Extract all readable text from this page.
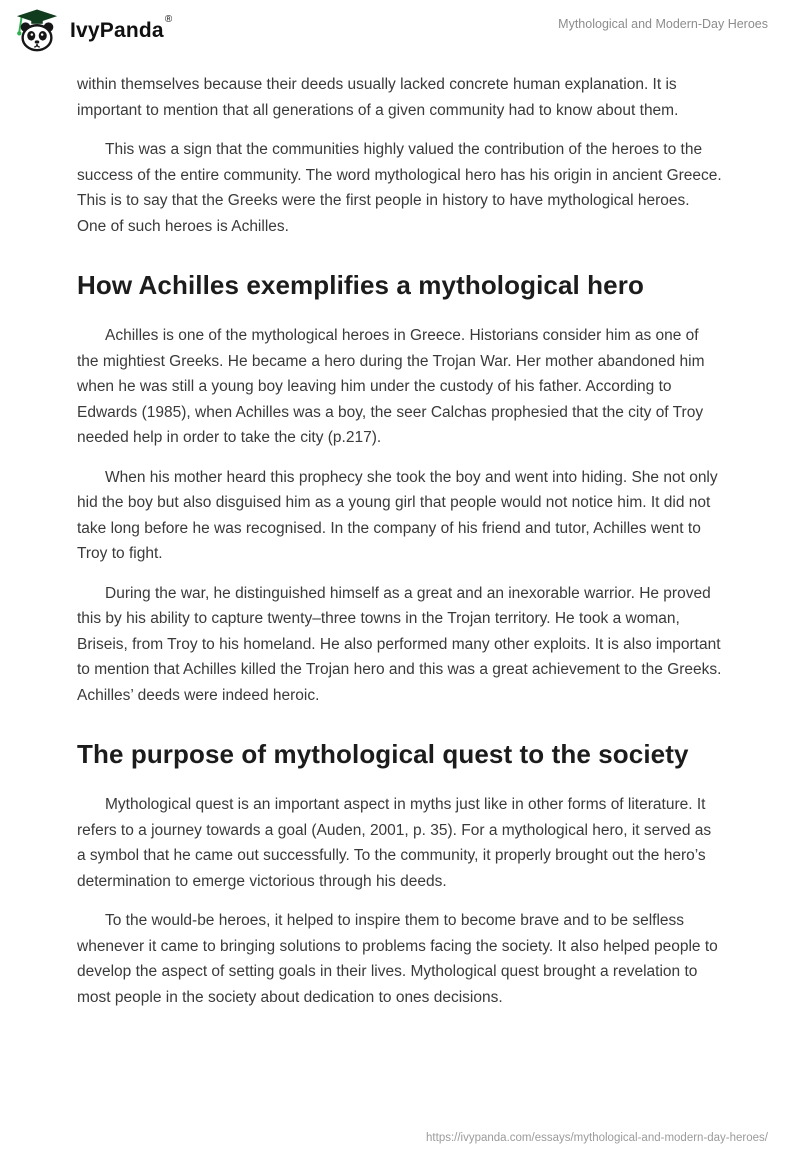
IvyPanda®	Mythological and Modern-Day Heroes

within themselves because their deeds usually lacked concrete human explanation. It is important to mention that all generations of a given community had to know about them.

This was a sign that the communities highly valued the contribution of the heroes to the success of the entire community. The word mythological hero has his origin in ancient Greece. This is to say that the Greeks were the first people in history to have mythological heroes. One of such heroes is Achilles.

How Achilles exemplifies a mythological hero

Achilles is one of the mythological heroes in Greece. Historians consider him as one of the mightiest Greeks. He became a hero during the Trojan War. Her mother abandoned him when he was still a young boy leaving him under the custody of his father. According to Edwards (1985), when Achilles was a boy, the seer Calchas prophesied that the city of Troy needed help in order to take the city (p.217).

When his mother heard this prophecy she took the boy and went into hiding. She not only hid the boy but also disguised him as a young girl that people would not notice him. It did not take long before he was recognised. In the company of his friend and tutor, Achilles went to Troy to fight.

During the war, he distinguished himself as a great and an inexorable warrior. He proved this by his ability to capture twenty–three towns in the Trojan territory. He took a woman, Briseis, from Troy to his homeland. He also performed many other exploits. It is also important to mention that Achilles killed the Trojan hero and this was a great achievement to the Greeks. Achilles’ deeds were indeed heroic.

The purpose of mythological quest to the society

Mythological quest is an important aspect in myths just like in other forms of literature. It refers to a journey towards a goal (Auden, 2001, p. 35). For a mythological hero, it served as a symbol that he came out successfully. To the community, it properly brought out the hero’s determination to emerge victorious through his deeds.

To the would-be heroes, it helped to inspire them to become brave and to be selfless whenever it came to bringing solutions to problems facing the society. It also helped people to develop the aspect of setting goals in their lives. Mythological quest brought a revelation to most people in the society about dedication to ones decisions.

https://ivypanda.com/essays/mythological-and-modern-day-heroes/
